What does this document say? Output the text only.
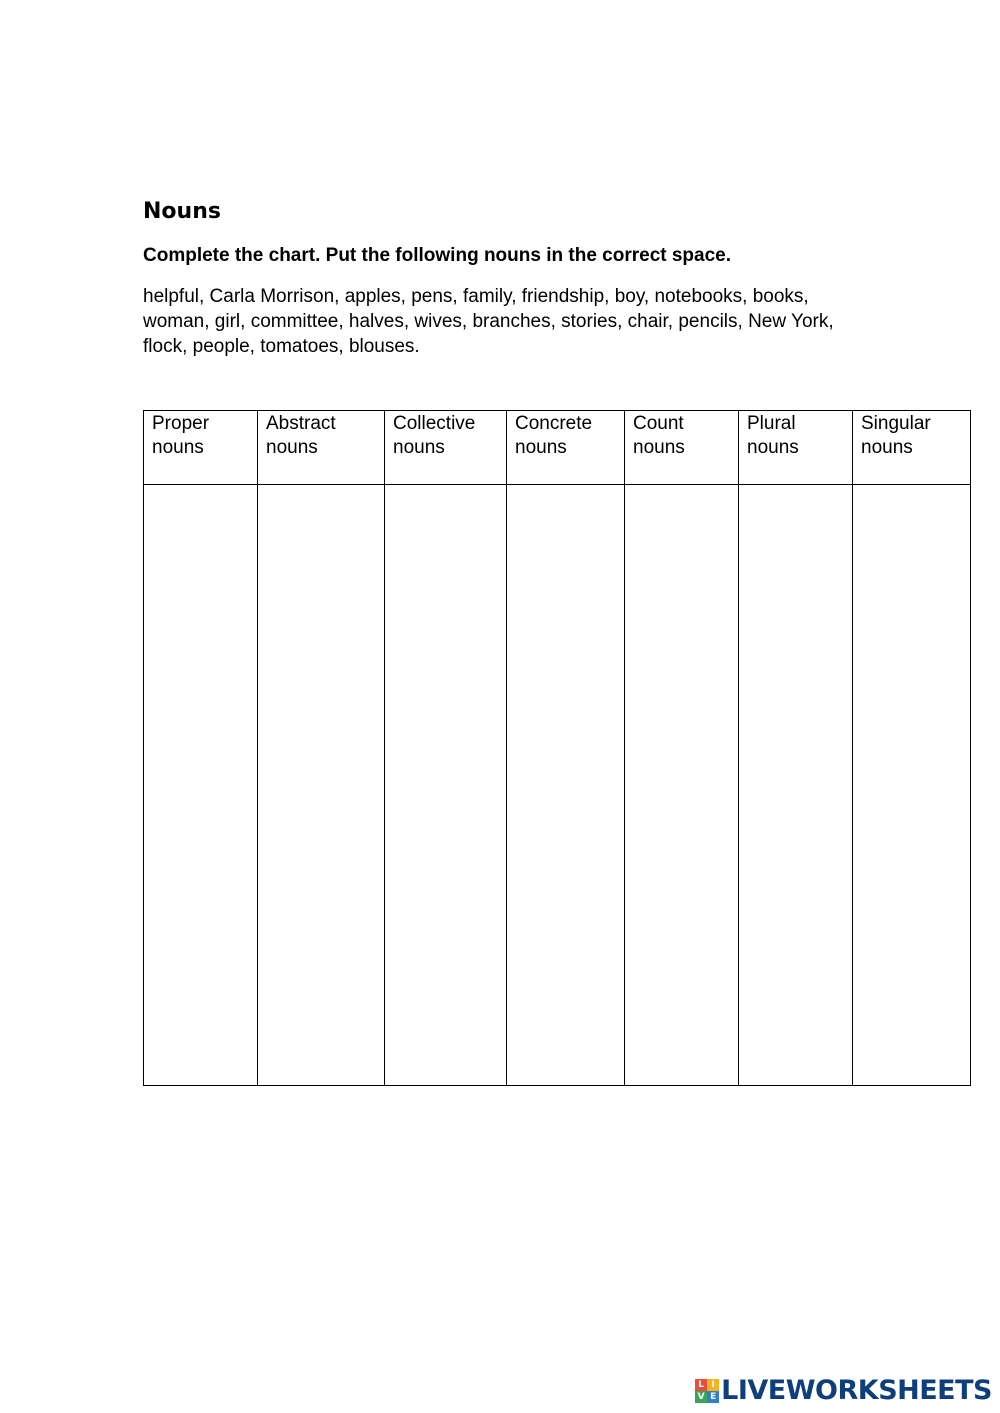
Nouns

Complete the chart. Put the following nouns in the correct space.

helpful, Carla Morrison, apples, pens, family, friendship, boy, notebooks, books, woman, girl, committee, halves, wives, branches, stories, chair, pencils, New York, flock, people, tomatoes, blouses.

Proper nouns	Abstract nouns	Collective nouns	Concrete nouns	Count nouns	Plural nouns	Singular nouns

L I
V E LIVEWORKSHEETS
